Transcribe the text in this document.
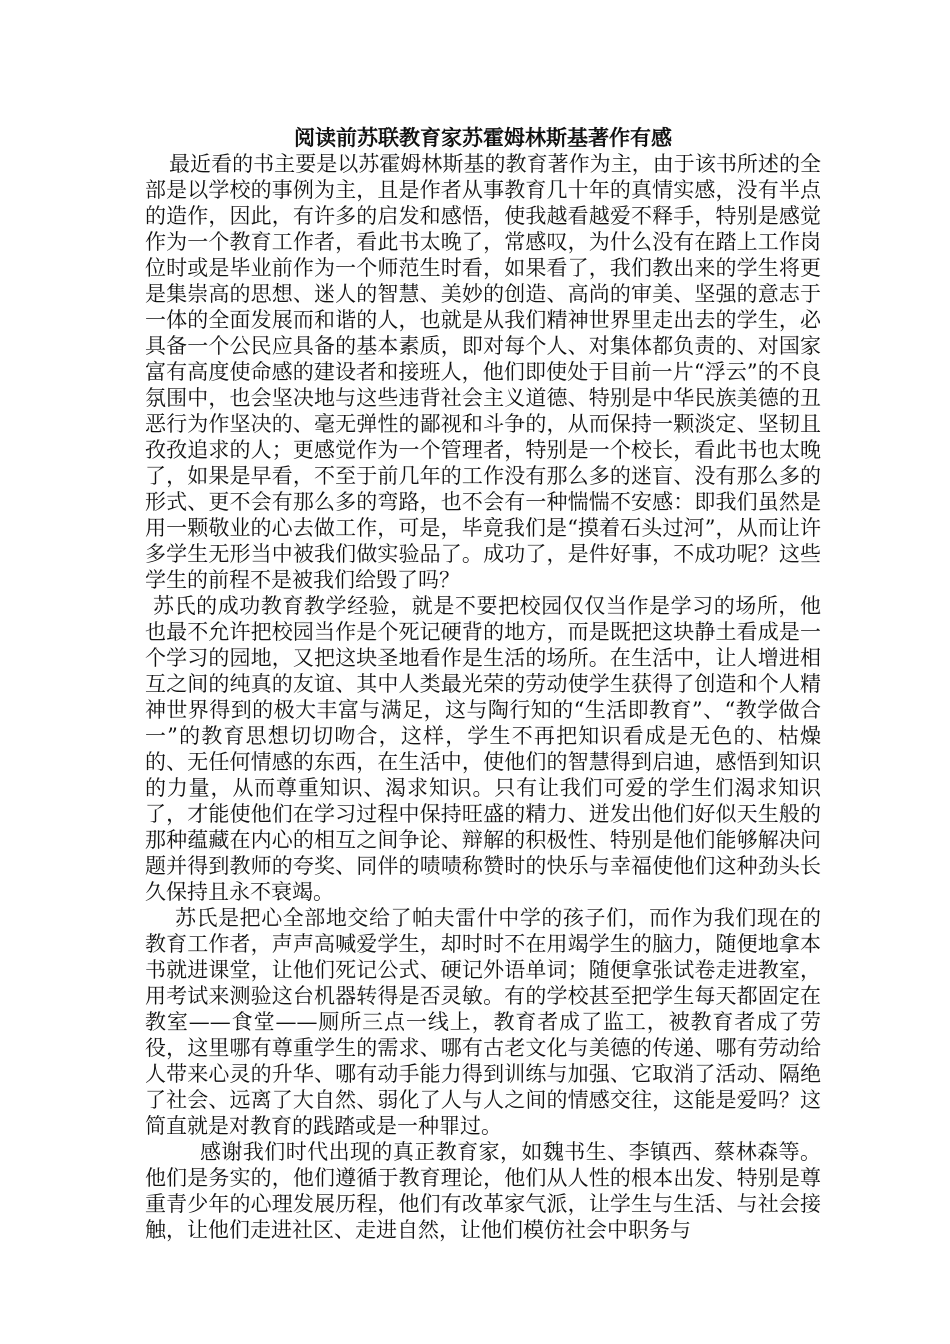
阅读前苏联教育家苏霍姆林斯基著作有感

最近看的书主要是以苏霍姆林斯基的教育著作为主，由于该书所述的全部是以学校的事例为主，且是作者从事教育几十年的真情实感，没有半点的造作，因此，有许多的启发和感悟，使我越看越爱不释手，特别是感觉作为一个教育工作者，看此书太晚了，常感叹，为什么没有在踏上工作岗位时或是毕业前作为一个师范生时看，如果看了，我们教出来的学生将更是集崇高的思想、迷人的智慧、美妙的创造、高尚的审美、坚强的意志于一体的全面发展而和谐的人，也就是从我们精神世界里走出去的学生，必具备一个公民应具备的基本素质，即对每个人、对集体都负责的、对国家富有高度使命感的建设者和接班人，他们即使处于目前一片“浮云”的不良氛围中，也会坚决地与这些违背社会主义道德、特别是中华民族美德的丑恶行为作坚决的、毫无弹性的鄙视和斗争的，从而保持一颗淡定、坚韧且孜孜追求的人；更感觉作为一个管理者，特别是一个校长，看此书也太晚了，如果是早看，不至于前几年的工作没有那么多的迷盲、没有那么多的形式、更不会有那么多的弯路，也不会有一种惴惴不安感：即我们虽然是用一颗敬业的心去做工作，可是，毕竟我们是“摸着石头过河”，从而让许多学生无形当中被我们做实验品了。成功了，是件好事，不成功呢？这些学生的前程不是被我们给毁了吗？

苏氏的成功教育教学经验，就是不要把校园仅仅当作是学习的场所，他也最不允许把校园当作是个死记硬背的地方，而是既把这块静土看成是一个学习的园地，又把这块圣地看作是生活的场所。在生活中，让人增进相互之间的纯真的友谊、其中人类最光荣的劳动使学生获得了创造和个人精神世界得到的极大丰富与满足，这与陶行知的“生活即教育”、“教学做合一”的教育思想切切吻合，这样，学生不再把知识看成是无色的、枯燥的、无任何情感的东西，在生活中，使他们的智慧得到启迪，感悟到知识的力量，从而尊重知识、渴求知识。只有让我们可爱的学生们渴求知识了，才能使他们在学习过程中保持旺盛的精力、迸发出他们好似天生般的那种蕴藏在内心的相互之间争论、辩解的积极性、特别是他们能够解决问题并得到教师的夸奖、同伴的啧啧称赞时的快乐与幸福使他们这种劲头长久保持且永不衰竭。

苏氏是把心全部地交给了帕夫雷什中学的孩子们，而作为我们现在的教育工作者，声声高喊爱学生，却时时不在用竭学生的脑力，随便地拿本书就进课堂，让他们死记公式、硬记外语单词；随便拿张试卷走进教室，用考试来测验这台机器转得是否灵敏。有的学校甚至把学生每天都固定在教室——食堂——厕所三点一线上，教育者成了监工，被教育者成了劳役，这里哪有尊重学生的需求、哪有古老文化与美德的传递、哪有劳动给人带来心灵的升华、哪有动手能力得到训练与加强、它取消了活动、隔绝了社会、远离了大自然、弱化了人与人之间的情感交往，这能是爱吗？这简直就是对教育的践踏或是一种罪过。

感谢我们时代出现的真正教育家，如魏书生、李镇西、蔡林森等。他们是务实的，他们遵循于教育理论，他们从人性的根本出发、特别是尊重青少年的心理发展历程，他们有改革家气派，让学生与生活、与社会接触，让他们走进社区、走进自然，让他们模仿社会中职务与
